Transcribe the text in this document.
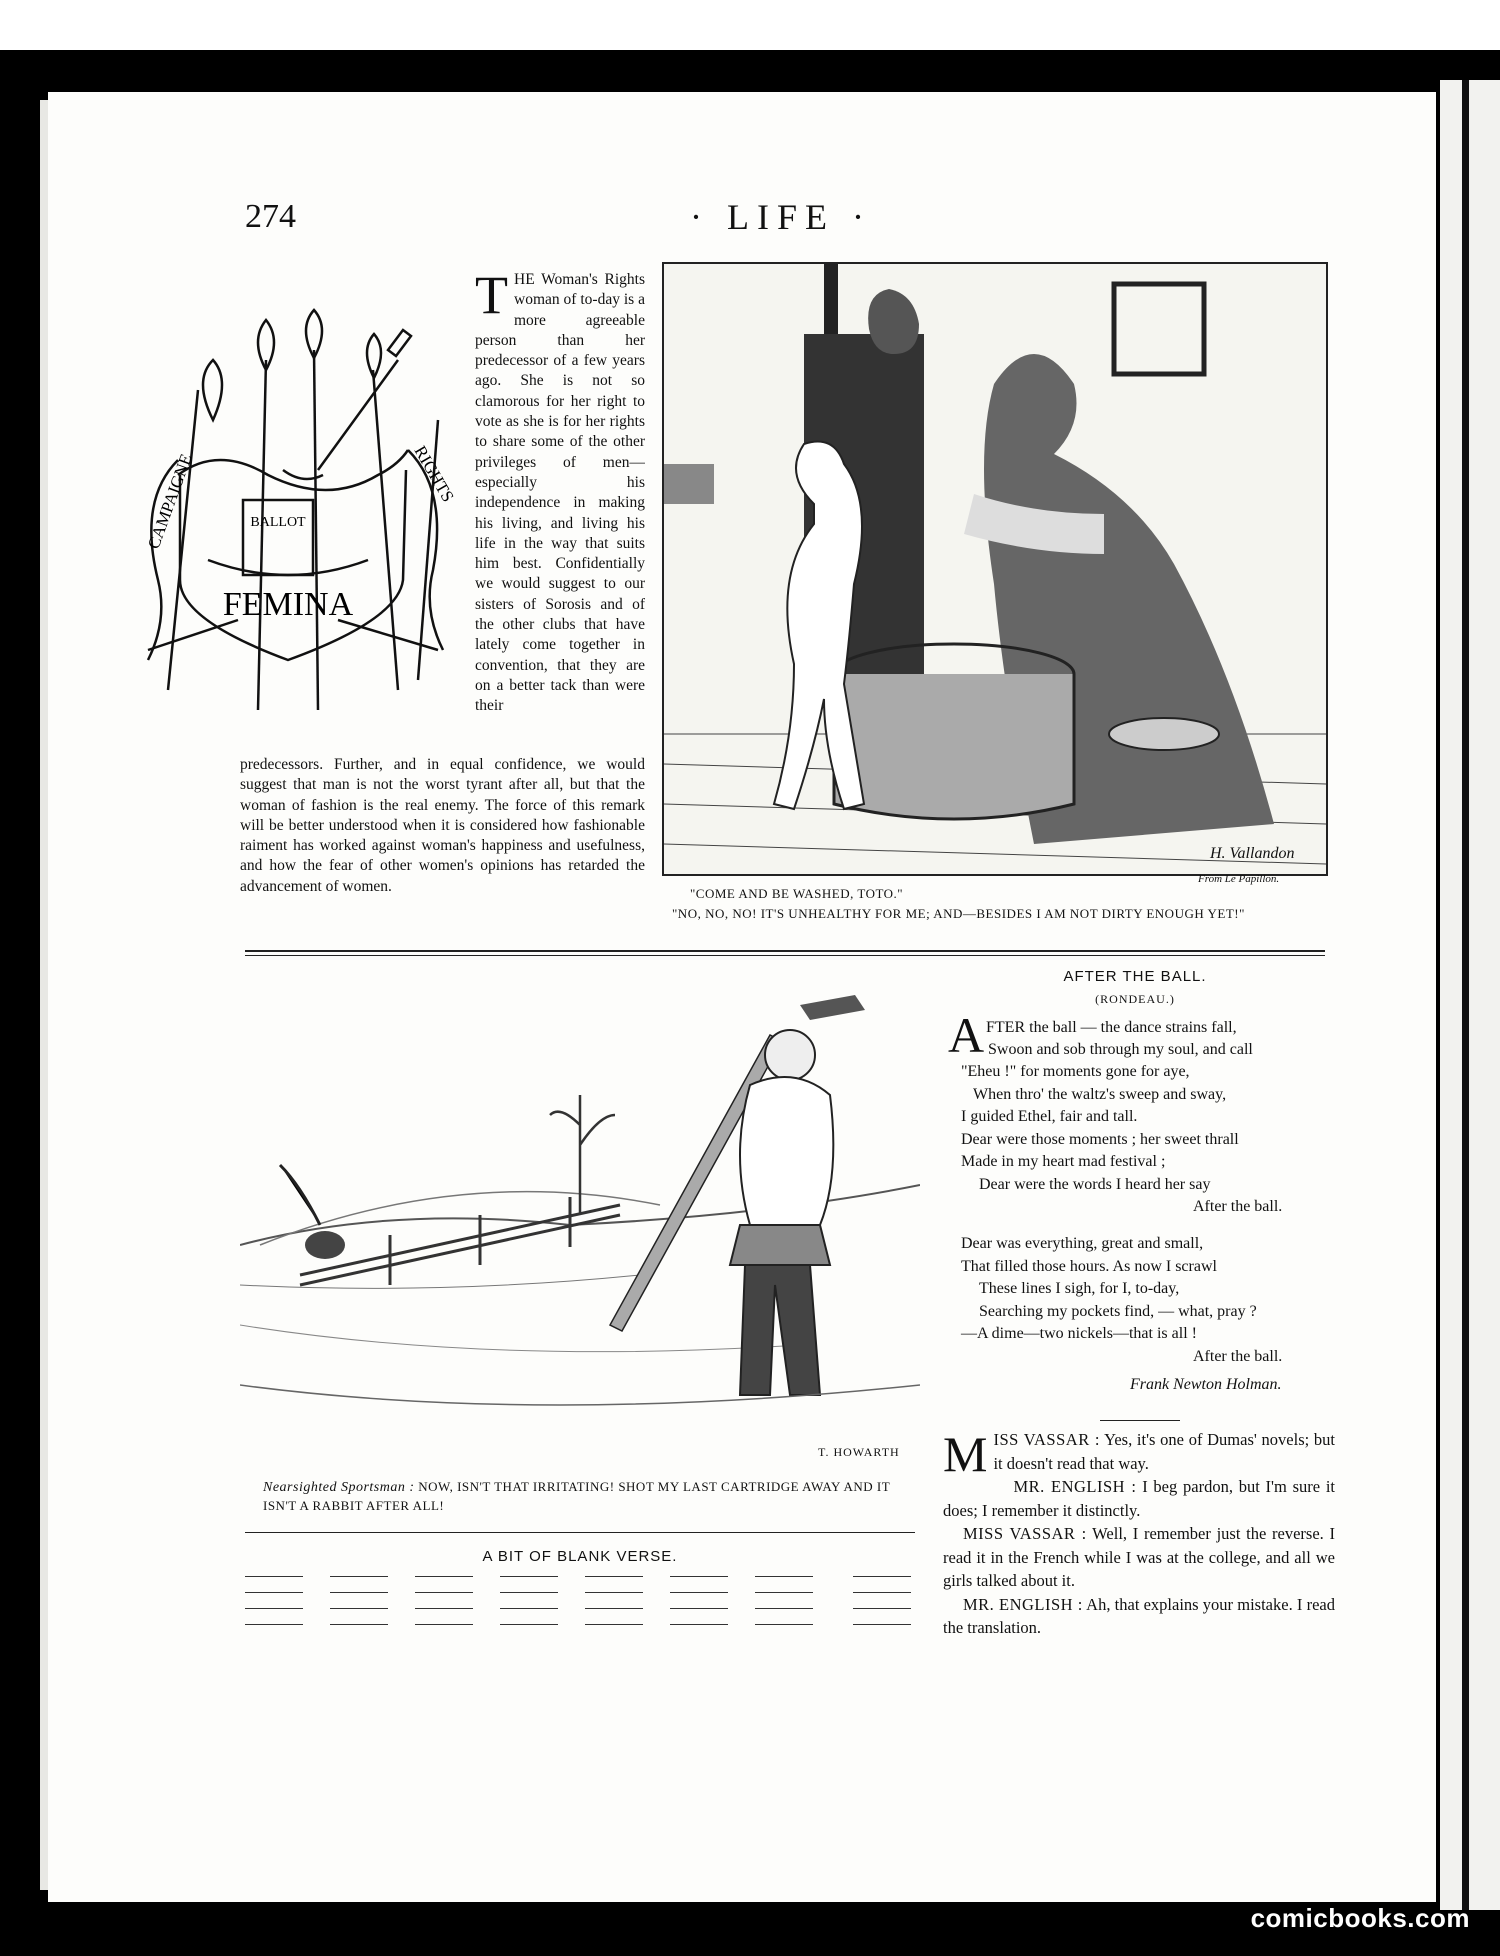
274	· LIFE ·
BALLOT
FEMINA
CAMPAIGNE	RIGHTS
THE Woman's Rights woman of to-day is a more agreeable person than her predecessor of a few years ago. She is not so clamorous for her right to vote as she is for her rights to share some of the other privileges of men—especially his independence in making his living, and living his life in the way that suits him best. Confidentially we would suggest to our sisters of Sorosis and of the other clubs that have lately come together in convention, that they are on a better tack than were their
predecessors. Further, and in equal confidence, we would suggest that man is not the worst tyrant after all, but that the woman of fashion is the real enemy. The force of this remark will be better understood when it is considered how fashionable raiment has worked against woman's happiness and usefulness, and how the fear of other women's opinions has retarded the advancement of women.
H. Vallandon
From Le Papillon.
"COME AND BE WASHED, TOTO."
"NO, NO, NO! IT'S UNHEALTHY FOR ME; AND—BESIDES I AM NOT DIRTY ENOUGH YET!"
T. HOWARTH
Nearsighted Sportsman : NOW, ISN'T THAT IRRITATING! SHOT MY LAST CARTRIDGE AWAY AND IT ISN'T A RABBIT AFTER ALL!
A BIT OF BLANK VERSE.
AFTER THE BALL.
(RONDEAU.)
A FTER the ball — the dance strains fall,
Swoon and sob through my soul, and call
"Eheu !" for moments gone for aye,
When thro' the waltz's sweep and sway,
I guided Ethel, fair and tall.
Dear were those moments ; her sweet thrall
Made in my heart mad festival ;
Dear were the words I heard her say
After the ball.
Dear was everything, great and small,
That filled those hours. As now I scrawl
These lines I sigh, for I, to-day,
Searching my pockets find, — what, pray ?
—A dime—two nickels—that is all !
After the ball.
Frank Newton Holman.

MISS VASSAR : Yes, it's one of Dumas' novels; but it doesn't read that way.

MR. ENGLISH : I beg pardon, but I'm sure it does; I remember it distinctly.

MISS VASSAR : Well, I remember just the reverse. I read it in the French while I was at the college, and all we girls talked about it.

MR. ENGLISH : Ah, that explains your mistake. I read the translation.

comicbooks.com
